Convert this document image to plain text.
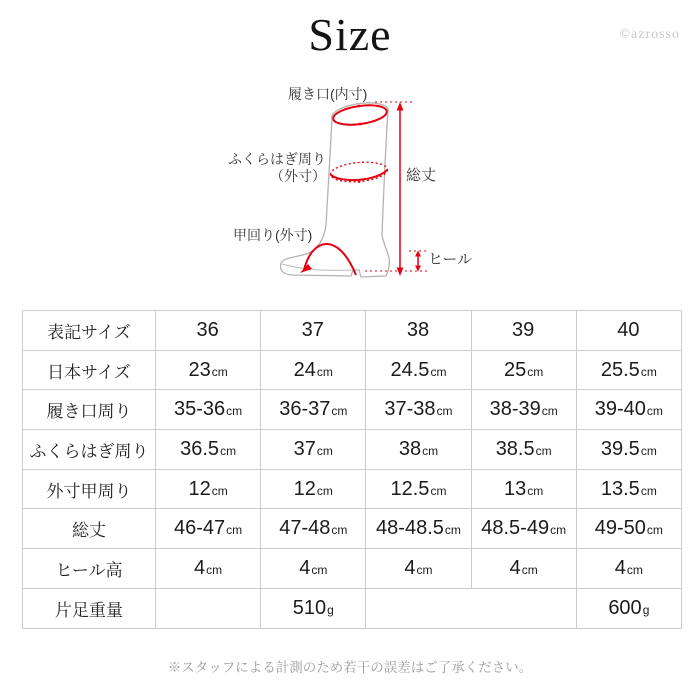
Size	©azrosso
履き口(内寸)
ふくらはぎ周り
（外寸）
甲回り(外寸)
総丈
ヒール
表記サイズ	36	37	38	39	40
日本サイズ	23cm	24cm	24.5cm	25cm	25.5cm
履き口周り	35-36cm	36-37cm	37-38cm	38-39cm	39-40cm
ふくらはぎ周り	36.5cm	37cm	38cm	38.5cm	39.5cm
外寸甲周り	12cm	12cm	12.5cm	13cm	13.5cm
総丈	46-47cm	47-48cm	48-48.5cm	48.5-49cm	49-50cm
ヒール高	4cm	4cm	4cm	4cm	4cm
片足重量		510g			600g
※スタッフによる計測のため若干の誤差はご了承ください。
